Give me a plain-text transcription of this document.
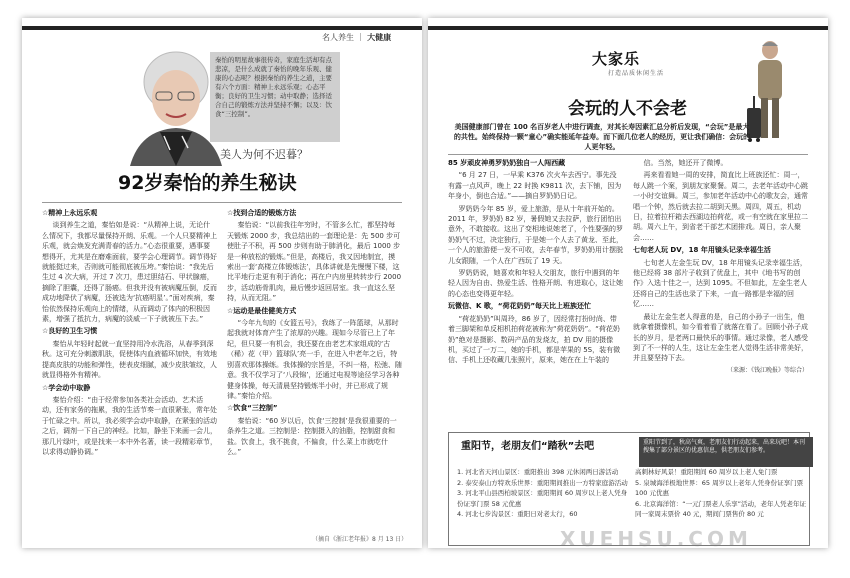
名人养生 ｜ 大健康
秦怡的明星故事很传奇，家庭生活却有点悲凉，是什么成就了秦怡的晚年乐观、健康的心态呢？根据秦怡的养生之道，主要有六个方面：精神上永远乐观；心态平衡；良好的卫生习惯；动中取静；选择适合自己的锻炼方法并坚持不懈；以及：饮食“三控制”。
美人为何不迟暮？
92岁秦怡的养生秘诀

☆精神上永远乐观

谈到养生之道，秦怡如是说：“从精神上说，无论什么情况下，我都尽量保持开朗、乐观。一个人只要精神上乐观，就会焕发充满青春的活力。”心态很重要，遇事要想得开，尤其是在磨难面前，要学会心理调节。调节得好就能挺过来，否则就可能彻底被压垮。”秦怡说：“我先后生过 4 次大病，开过 7 次刀，患过胆结石、甲状腺癌，摘除了胆囊，还得了肠癌。但我并没有被病魔压倒，反而成功地降伏了病魔，还被选为‘抗癌明星’。”面对疾病，秦怡依然保持乐观向上的情绪，从而调动了体内的积极因素，增强了抵抗力，病魔的淡威一下子就被压下去。”

☆良好的卫生习惯

秦怡从年轻时起就一直坚持用冷水洗浴，从春季到深秋。这可充分刺激肌肤，促使体内血液循环加快，有效地提高皮肤的功能和弹性，使表皮细腻，减少皮肤皱纹，人就显得格外有精神。

☆学会动中取静

秦怡介绍：“由于经常参加各类社会活动、艺术活动，还有家务的拖累，我的生活节奏一直很紧张，常年处于忙碌之中。所以，我必须学会动中取静，在紧张的活动之后，调剂一下自己的神经。比如，静坐下来画一会儿，那几片绿叶，或是找来一本中外名著，读一段精彩章节，以求得动静协调。”

☆找到合适的锻炼方法

秦怡说：“以前我往年穷时，不管多么忙，都坚持每天锻炼 2000 步，我总结出的一套理论是：先 500 步可使肚子不积，再 500 步则有助于肺消化，最后 1000 步是一种放松的锻炼。”但是，高楼后，我又因地制宜，摸索出一套‘高楼立体锻炼法’，具体讲就是先慢慢下楼，这比平地行走更有利于消化；再在户内房里转转步行 2000 步，活动筋骨肌肉，最后慢步返回居室。我一直这么坚持，从而无阻。”

☆运动是最佳健美方式

“今年九旬的《女篮五号》，我练了一阵篮球，从那时起我就对体育产生了浓厚的兴趣。现如今尽管已上了年纪，但只要一有机会，我还要在由老艺术家组成的‘古（稀）花（甲）篮球队’亮一手，在进入中老年之后，特别喜欢那体操练。我体操的宗旨是，不纠一格，松弛、随意。我不仅学习了‘八段锦’，还通过电视等途径学习各种健身体操，每天清晨坚持锻炼半小时，并已形成了规律。”秦怡介绍。

☆饮食“三控制”

秦怡说：“60 岁以后，饮食‘三控制’是我很重要的一条养生之道。三控制是：控制摄入的油脂，控制甜食和盐。饮食上，我不挑食，不偏食，什么菜上市就吃什么。”

（摘自《浙江老年报》8 月 13 日）
大家乐
打造品质休闲生活
会玩的人不会老
美国健康部门曾在 100 名百岁老人中进行调查，对其长寿因素汇总分析后发现，“会玩”是最大的共性。始终保持一颗“童心”确实能延年益寿。而下面几位老人的经历，更让我们确信：会玩的人更年轻。

85 岁顽皮神勇罗奶奶独自一人闯西藏

“6 月 27 日，一早乘 K376 次火车去西宁。事先没有露一点风声，晚上 22 时换 K9811 次，去下铺，因为年身小，倒也合适。”——摘自罗奶奶日记。

罗奶奶今年 85 岁，爱上旅游，是从十年前开始的。2011 年，罗奶奶 82 岁，暑假她又去拉萨，旅行团怕出意外，不敢接收。这出了变相地说她老了，个性要强的罗奶奶气不过，决定独行，于是她一个人去了黄龙、至此，一个人的旅游便一发不可收，去年春节，罗奶奶用计摆脱儿女跟随，一个人在广西玩了 19 天。

罗奶奶说，她喜欢和年轻人交朋友，旅行中遇到的年轻人因为自由、热爱生活、性格开朗、有进取心，这让她的心态也变得更年轻。

玩微信、K 歌，“荷花奶奶”每天比上班族还忙

“荷花奶奶”叫周玲，86 岁了，因经常打扮时尚、带着三脚架和单反相机拍荷花被称为“荷花奶奶”。“荷花奶奶”绝对是摄影、数码产品的发烧友，拍 DV 用的摄像机，买过了一万二，她的手机，都是苹果的 5S，装有微信、手机上还收藏几张照片，原来，她在在上午装的

信。当然，她还开了微博。

再来看看她一周的安排，简直比上班族还忙：周一，每人跳一个案，到朋友家聚餐。周二，去老年活动中心跳一小时交谊舞。周三，参加老年活动中心的歌友会，通常唱一个钟，然后就去拉二胡到天黑。周四，周五，机动日，拉着拉杆箱去西湖边拍荷花，或一有空就在家里拉二胡。周六上午，到省老干部艺术团排戏。周日，亲人聚会……

七旬老人玩 DV，18 年用镜头记录幸福生活

七旬老人左金生玩 DV，18 年用镜头记录幸福生活，他已经将 38 部片子收到了优盘上，其中《地书写的创作》入选十佳之一，达到 1095。不但如此，左金生老人还将自己的生活也录了下来，一直一路都是幸福的回忆……

最让左金生老人得意的是，自己的小孙子一出生，他就拿着摄像机，如今看着看了就落在看了。回顾小孙子成长的岁月，是老两口最快乐的事情。通过录像，老人感受到了不一样的人生，这让左金生老人觉得生活非常美好，并且要坚持下去。

（来源：《钱江晚报》等综合）

重阳节，老朋友们“踏秋”去吧	重阳节到了，秋高气爽，老朋友们行动起来，出来玩吧！本刊搜集了部分景区的优惠信息，供老朋友们参考。
1. 河北省天河山景区：重阳推出 398 元休闲两日游活动
2. 泰安泰山方特欢乐世界：重阳期间推出一方特家庭游活动
3. 河北平山县西柏坡景区：重阳期间 60 周岁以上老人凭身份证享门票 58 元优惠
4. 河北七步沟景区：重阳日对老太行，60
高刺林好风景！重阳期间 60 周岁以上老人免门票
5. 泉城海洋极地世界：65 周岁以上老年人凭身份证享门票 100 元优惠
6. 北京海洋馆：“一元门票老人乐享”活动，老年人凭老年证同一家周末票价 40 元，期间门票售价 80 元
XUEHSU.COM
